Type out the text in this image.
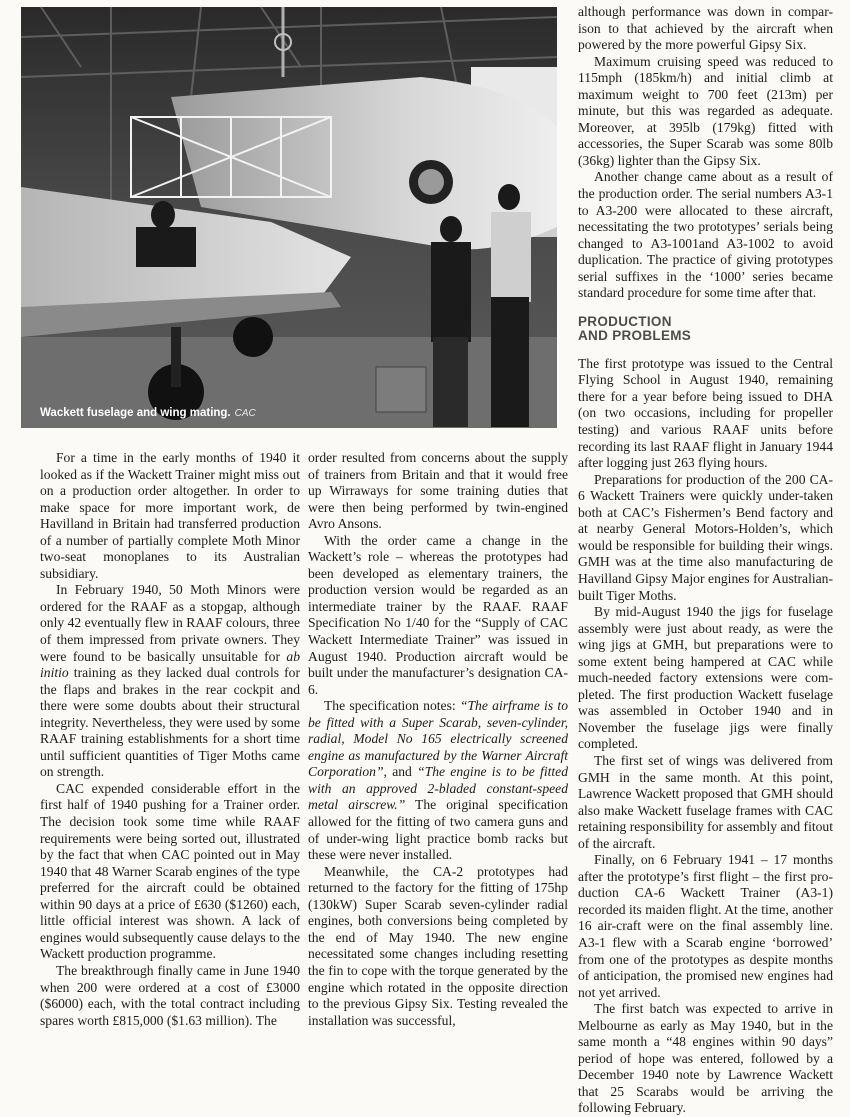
Wackett fuselage and wing mating. CAC

For a time in the early months of 1940 it looked as if the Wackett Trainer might miss out on a production order altogether. In order to make space for more important work, de Havilland in Britain had transferred production of a number of partially complete Moth Minor two-seat monoplanes to its Australian subsidiary.

In February 1940, 50 Moth Minors were ordered for the RAAF as a stopgap, although only 42 eventually flew in RAAF colours, three of them impressed from private owners. They were found to be basically unsuitable for ab initio training as they lacked dual controls for the flaps and brakes in the rear cockpit and there were some doubts about their structural integrity. Nevertheless, they were used by some RAAF training establishments for a short time until sufficient quantities of Tiger Moths came on strength.

CAC expended considerable effort in the first half of 1940 pushing for a Trainer order. The decision took some time while RAAF requirements were being sorted out, illustrated by the fact that when CAC pointed out in May 1940 that 48 Warner Scarab engines of the type preferred for the aircraft could be obtained within 90 days at a price of £630 ($1260) each, little official interest was shown. A lack of engines would subsequently cause delays to the Wackett production programme.

The breakthrough finally came in June 1940 when 200 were ordered at a cost of £3000 ($6000) each, with the total contract including spares worth £815,000 ($1.63 million). The

order resulted from concerns about the supply of trainers from Britain and that it would free up Wirraways for some training duties that were then being performed by twin-engined Avro Ansons.

With the order came a change in the Wackett’s role – whereas the prototypes had been developed as elementary trainers, the production version would be regarded as an intermediate trainer by the RAAF. RAAF Specification No 1/40 for the “Supply of CAC Wackett Intermediate Trainer” was issued in August 1940. Production aircraft would be built under the manufacturer’s designation CA-6.

The specification notes: “The airframe is to be fitted with a Super Scarab, seven-cylinder, radial, Model No 165 electrically screened engine as manufactured by the Warner Aircraft Corporation”, and “The engine is to be fitted with an approved 2-bladed constant-speed metal airscrew.” The original specification allowed for the fitting of two camera guns and of under-wing light practice bomb racks but these were never installed.

Meanwhile, the CA-2 prototypes had returned to the factory for the fitting of 175hp (130kW) Super Scarab seven-cylinder radial engines, both conversions being completed by the end of May 1940. The new engine necessitated some changes including resetting the fin to cope with the torque generated by the engine which rotated in the opposite direction to the previous Gipsy Six. Testing revealed the installation was successful,

although performance was down in compar-ison to that achieved by the aircraft when powered by the more powerful Gipsy Six.

Maximum cruising speed was reduced to 115mph (185km/h) and initial climb at maximum weight to 700 feet (213m) per minute, but this was regarded as adequate. Moreover, at 395lb (179kg) fitted with accessories, the Super Scarab was some 80lb (36kg) lighter than the Gipsy Six.

Another change came about as a result of the production order. The serial numbers A3-1 to A3-200 were allocated to these aircraft, necessitating the two prototypes’ serials being changed to A3-1001and A3-1002 to avoid duplication. The practice of giving prototypes serial suffixes in the ‘1000’ series became standard procedure for some time after that.

PRODUCTION
AND PROBLEMS

The first prototype was issued to the Central Flying School in August 1940, remaining there for a year before being issued to DHA (on two occasions, including for propeller testing) and various RAAF units before recording its last RAAF flight in January 1944 after logging just 263 flying hours.

Preparations for production of the 200 CA-6 Wackett Trainers were quickly under-taken both at CAC’s Fishermen’s Bend factory and at nearby General Motors-Holden’s, which would be responsible for building their wings. GMH was at the time also manufacturing de Havilland Gipsy Major engines for Australian-built Tiger Moths.

By mid-August 1940 the jigs for fuselage assembly were just about ready, as were the wing jigs at GMH, but preparations were to some extent being hampered at CAC while much-needed factory extensions were com-pleted. The first production Wackett fuselage was assembled in October 1940 and in November the fuselage jigs were finally completed.

The first set of wings was delivered from GMH in the same month. At this point, Lawrence Wackett proposed that GMH should also make Wackett fuselage frames with CAC retaining responsibility for assembly and fitout of the aircraft.

Finally, on 6 February 1941 – 17 months after the prototype’s first flight – the first pro-duction CA-6 Wackett Trainer (A3-1) recorded its maiden flight. At the time, another 16 air-craft were on the final assembly line. A3-1 flew with a Scarab engine ‘borrowed’ from one of the prototypes as despite months of anticipation, the promised new engines had not yet arrived.

The first batch was expected to arrive in Melbourne as early as May 1940, but in the same month a “48 engines within 90 days” period of hope was entered, followed by a December 1940 note by Lawrence Wackett that 25 Scarabs would be arriving the following February.
